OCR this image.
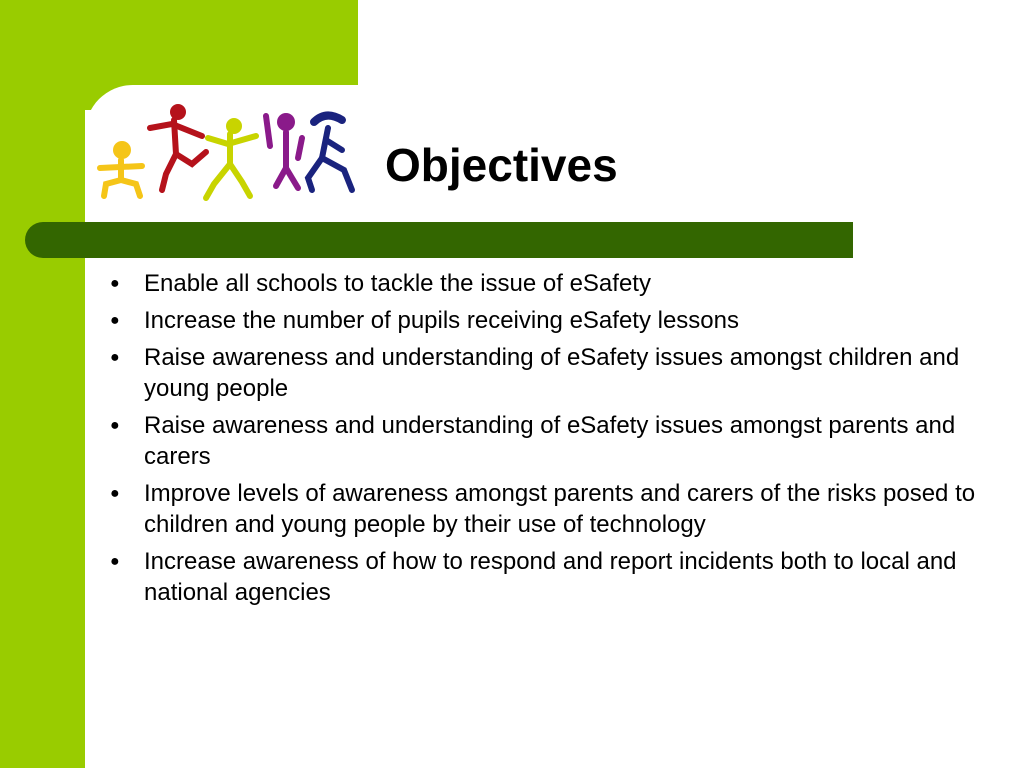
Objectives
● Enable all schools to tackle the issue of eSafety
● Increase the number of pupils receiving eSafety lessons
● Raise awareness and understanding of eSafety issues amongst children and young people
● Raise awareness and understanding of eSafety issues amongst parents and carers
● Improve levels of awareness amongst parents and carers of the risks posed to children and young people by their use of technology
● Increase awareness of how to respond and report incidents both to local and national agencies
